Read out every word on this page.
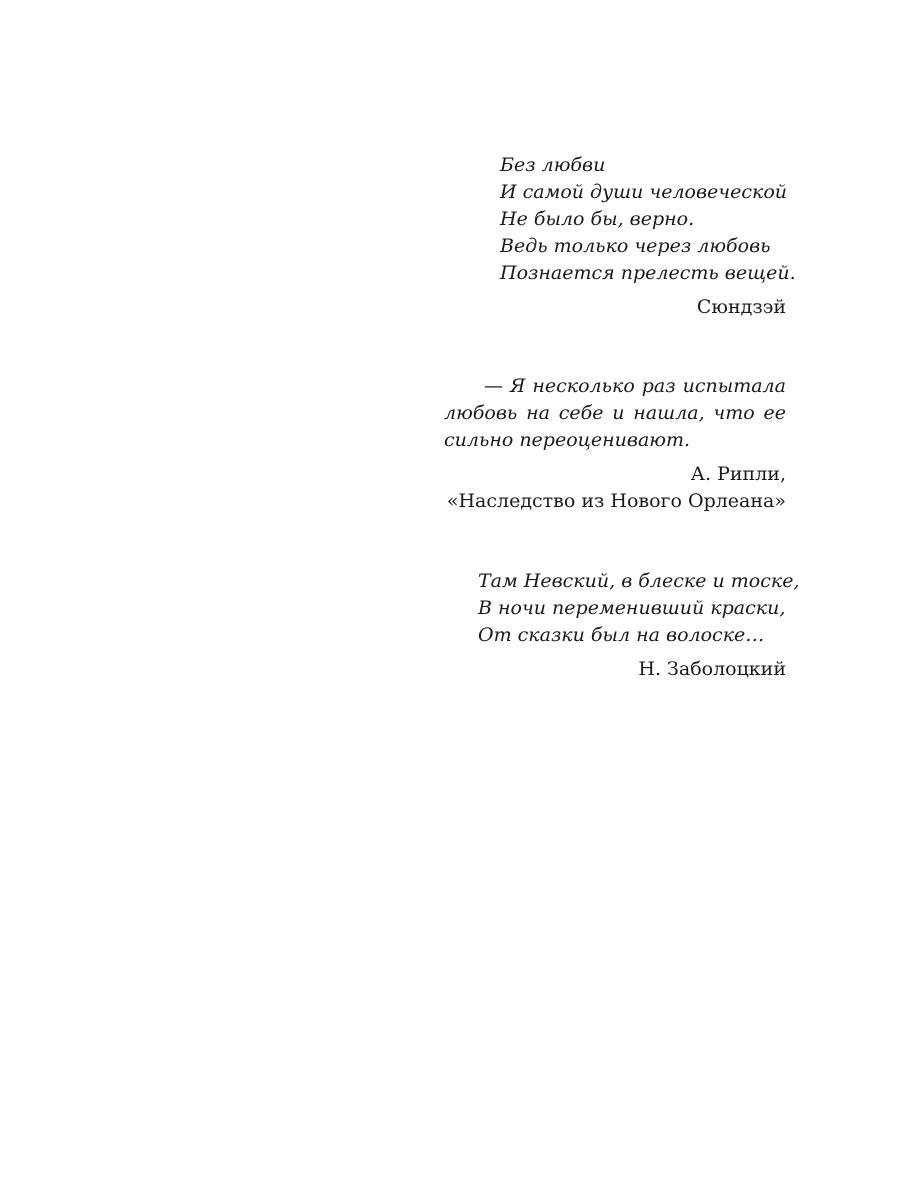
Без любви
И самой души человеческой
Не было бы, верно.
Ведь только через любовь
Познается прелесть вещей.
Сюндзэй

— Я несколько раз испытала любовь на себе и нашла, что ее сильно переоценивают.

А. Рипли,
«Наследство из Нового Орлеана»
Там Невский, в блеске и тоске,
В ночи переменивший краски,
От сказки был на волоске…
Н. Заболоцкий
